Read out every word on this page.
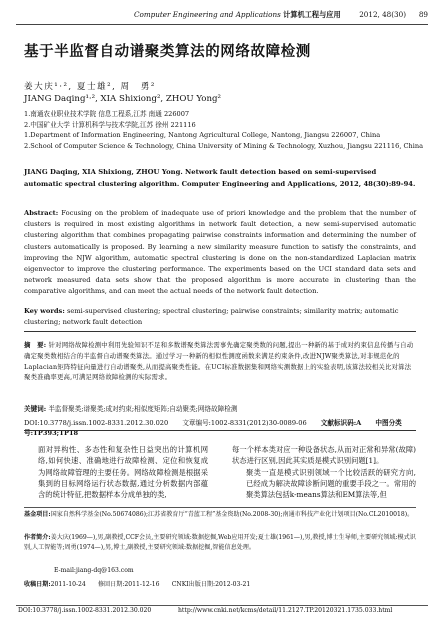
Computer Engineering and Applications 计算机工程与应用	2012, 48(30) 89
基于半监督自动谱聚类算法的网络故障检测
姜大庆¹·², 夏士雄², 周　勇²
JIANG Daqing¹·², XIA Shixiong², ZHOU Yong²
1.南通农业职业技术学院 信息工程系,江苏 南通 226007
2.中国矿业大学 计算机科学与技术学院,江苏 徐州 221116
1.Department of Information Engineering, Nantong Agricultural College, Nantong, Jiangsu 226007, China
2.School of Computer Science & Technology, China University of Mining & Technology, Xuzhou, Jiangsu 221116, China
JIANG Daqing, XIA Shixiong, ZHOU Yong. Network fault detection based on semi-supervised automatic spectral clustering algorithm. Computer Engineering and Applications, 2012, 48(30):89-94.
Abstract: Focusing on the problem of inadequate use of priori knowledge and the problem that the number of clusters is required in most existing algorithms in network fault detection, a new semi-supervised automatic clustering algorithm that combines propagating pairwise constraints information and determining the number of clusters automatically is proposed. By learning a new similarity measure function to satisfy the constraints, and improving the NJW algorithm, automatic spectral clustering is done on the non-standardized Laplacian matrix eigenvector to improve the clustering performance. The experiments based on the UCI standard data sets and network measured data sets show that the proposed algorithm is more accurate in clustering than the comparative algorithms, and can meet the actual needs of the network fault detection.
Key words: semi-supervised clustering; spectral clustering; pairwise constraints; similarity matrix; automatic clustering; network fault detection
摘　要: 针对网络故障检测中利用先验知识不足和多数谱聚类算法需事先确定聚类数的问题,提出一种新的基于成对约束信息传播与自动确定聚类数相结合的半监督自动谱聚类算法。通过学习一种新的相似性测度函数来满足约束条件,改进NJW聚类算法,对非规范化的Laplacian矩阵特征向量进行自动谱聚类,从而提高聚类性能。在UCI标准数据集和网络实测数据上的实验表明,该算法较相关比对算法聚类准确率更高,可满足网络故障检测的实际需求。
关键词: 半监督聚类;谱聚类;成对约束;相似度矩阵;自动聚类;网络故障检测
DOI:10.3778/j.issn.1002-8331.2012.30.020 文章编号:1002-8331(2012)30-0089-06 文献标识码:A 中图分类号:TP393;TP18

面对异构性、多态性和复杂性日益突出的计算机网络,如何快速、准确地进行故障检测、定位和恢复成为网络故障管理的主要任务。网络故障检测是根据采集到的目标网络运行状态数据,通过分析数据内部蕴含的统计特征,把数据样本分成单独的类,

每一个样本类对应一种设备状态,从而对正常和异常(故障)状态进行区别,因此其实质是模式识别问题[1]。

聚类一直是模式识别领域一个比较活跃的研究方向,已经成为解决故障诊断问题的重要手段之一。常用的聚类算法包括k-means算法和EM算法等,但

基金项目:国家自然科学基金(No.50674086);江苏省教育厅“青蓝工程”基金资助(No.2008-30);南通市科技产业化计划项目(No.CL2010018)。
作者简介:姜大庆(1969—),男,副教授,CCF会员,主要研究领域:数据挖掘,Web应用开发;夏士雄(1961—),男,教授,博士生导师,主要研究领域:模式识别,人工智能等;周勇(1974—),男,博士,副教授,主要研究领域:数据挖掘,智能信息处理。
E-mail:jiang-dq@163.com
收稿日期:2011-10-24　　修回日期:2011-12-16　　CNKI出版日期:2012-03-21
DOI:10.3778/j.issn.1002-8331.2012.30.020	http://www.cnki.net/kcms/detail/11.2127.TP.20120321.1735.033.html
